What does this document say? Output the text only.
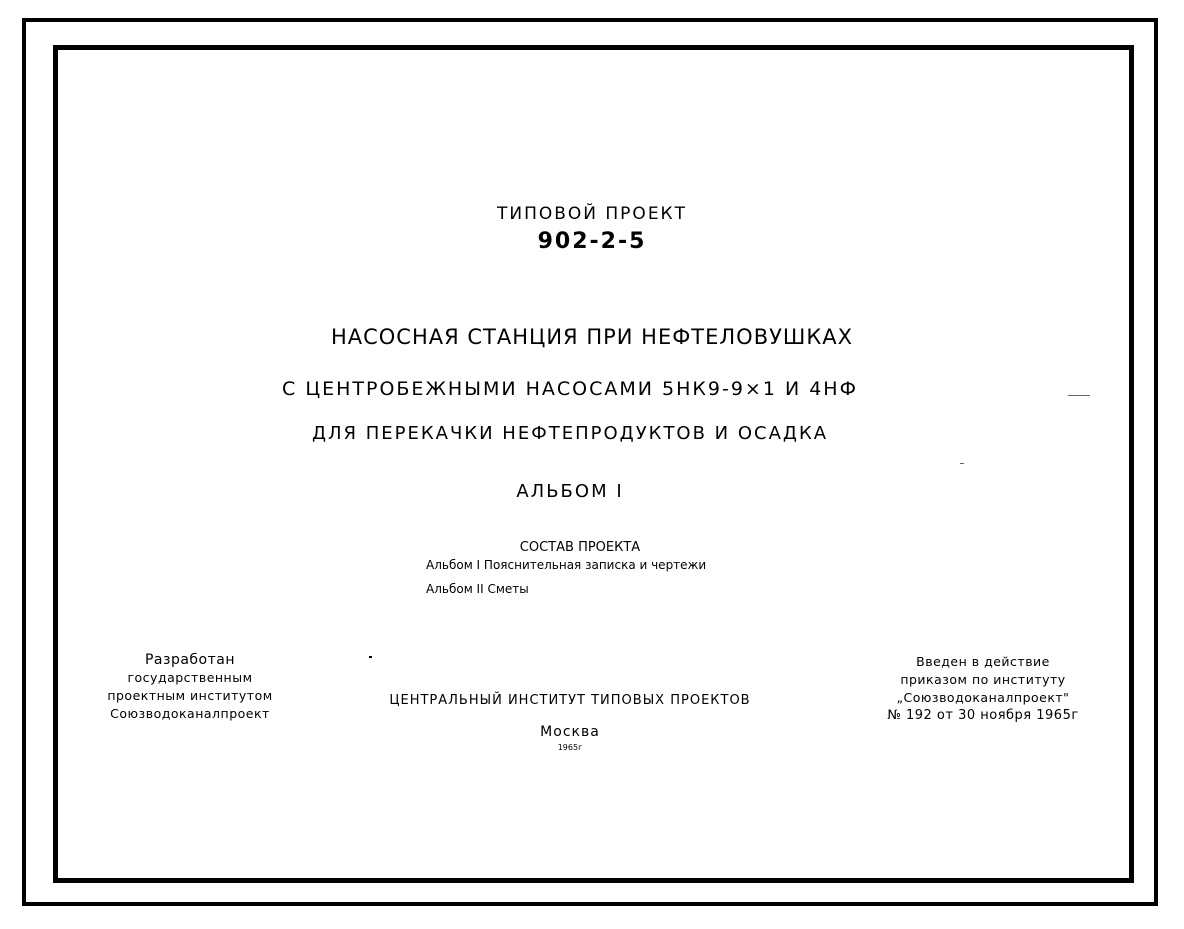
ТИПОВОЙ ПРОЕКТ
902-2-5
НАСОСНАЯ СТАНЦИЯ ПРИ НЕФТЕЛОВУШКАХ
С ЦЕНТРОБЕЖНЫМИ НАСОСАМИ 5НК9-9×1 И 4НФ
ДЛЯ ПЕРЕКАЧКИ НЕФТЕПРОДУКТОВ И ОСАДКА
АЛЬБОМ I
СОСТАВ ПРОЕКТА
Альбом I Пояснительная записка и чертежи
Альбом II Сметы
Разработан
государственным
проектным институтом
Союзводоканалпроект
ЦЕНТРАЛЬНЫЙ ИНСТИТУТ ТИПОВЫХ ПРОЕКТОВ
Москва
1965г
Введен в действие
приказом по институту
„Союзводоканалпроект"
№ 192 от 30 ноября 1965г
